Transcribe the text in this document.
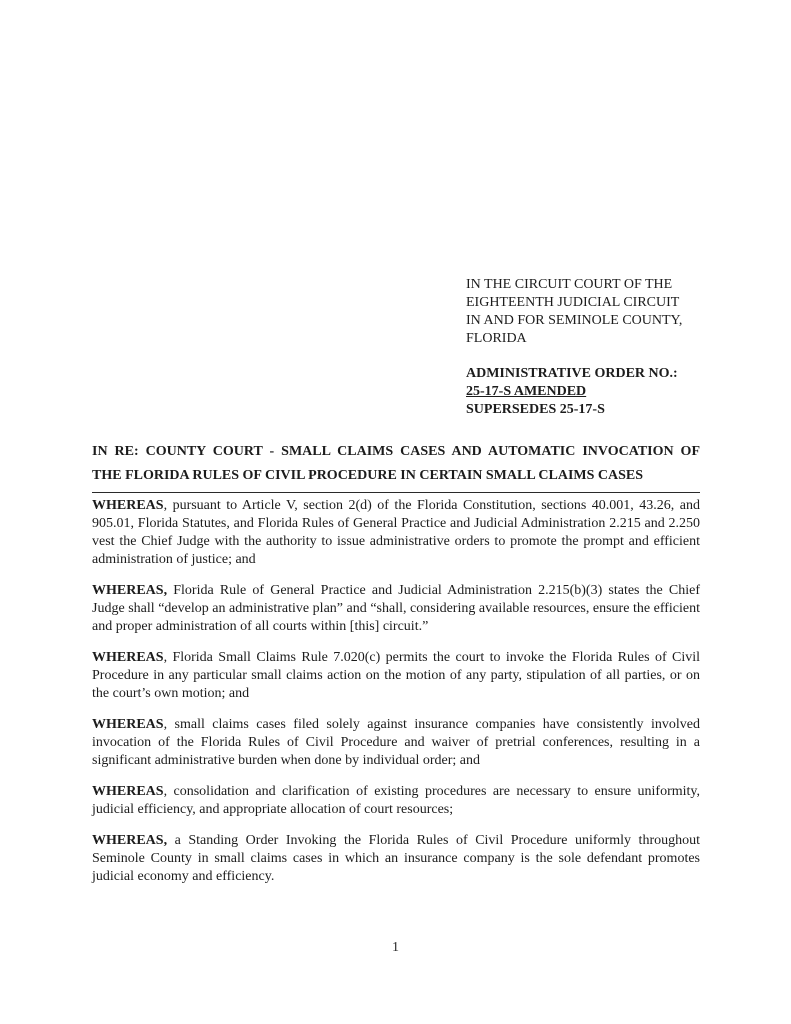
IN THE CIRCUIT COURT OF THE
EIGHTEENTH JUDICIAL CIRCUIT
IN AND FOR SEMINOLE COUNTY,
FLORIDA
ADMINISTRATIVE ORDER NO.:
25-17-S AMENDED
SUPERSEDES 25-17-S
IN RE: COUNTY COURT - SMALL CLAIMS CASES AND AUTOMATIC INVOCATION OF
THE FLORIDA RULES OF CIVIL PROCEDURE IN CERTAIN SMALL CLAIMS CASES

WHEREAS, pursuant to Article V, section 2(d) of the Florida Constitution, sections 40.001, 43.26, and 905.01, Florida Statutes, and Florida Rules of General Practice and Judicial Administration 2.215 and 2.250 vest the Chief Judge with the authority to issue administrative orders to promote the prompt and efficient administration of justice; and

WHEREAS, Florida Rule of General Practice and Judicial Administration 2.215(b)(3) states the Chief Judge shall “develop an administrative plan” and “shall, considering available resources, ensure the efficient and proper administration of all courts within [this] circuit.”

WHEREAS, Florida Small Claims Rule 7.020(c) permits the court to invoke the Florida Rules of Civil Procedure in any particular small claims action on the motion of any party, stipulation of all parties, or on the court’s own motion; and

WHEREAS, small claims cases filed solely against insurance companies have consistently involved invocation of the Florida Rules of Civil Procedure and waiver of pretrial conferences, resulting in a significant administrative burden when done by individual order; and

WHEREAS, consolidation and clarification of existing procedures are necessary to ensure uniformity, judicial efficiency, and appropriate allocation of court resources;

WHEREAS, a Standing Order Invoking the Florida Rules of Civil Procedure uniformly throughout Seminole County in small claims cases in which an insurance company is the sole defendant promotes judicial economy and efficiency.

1
